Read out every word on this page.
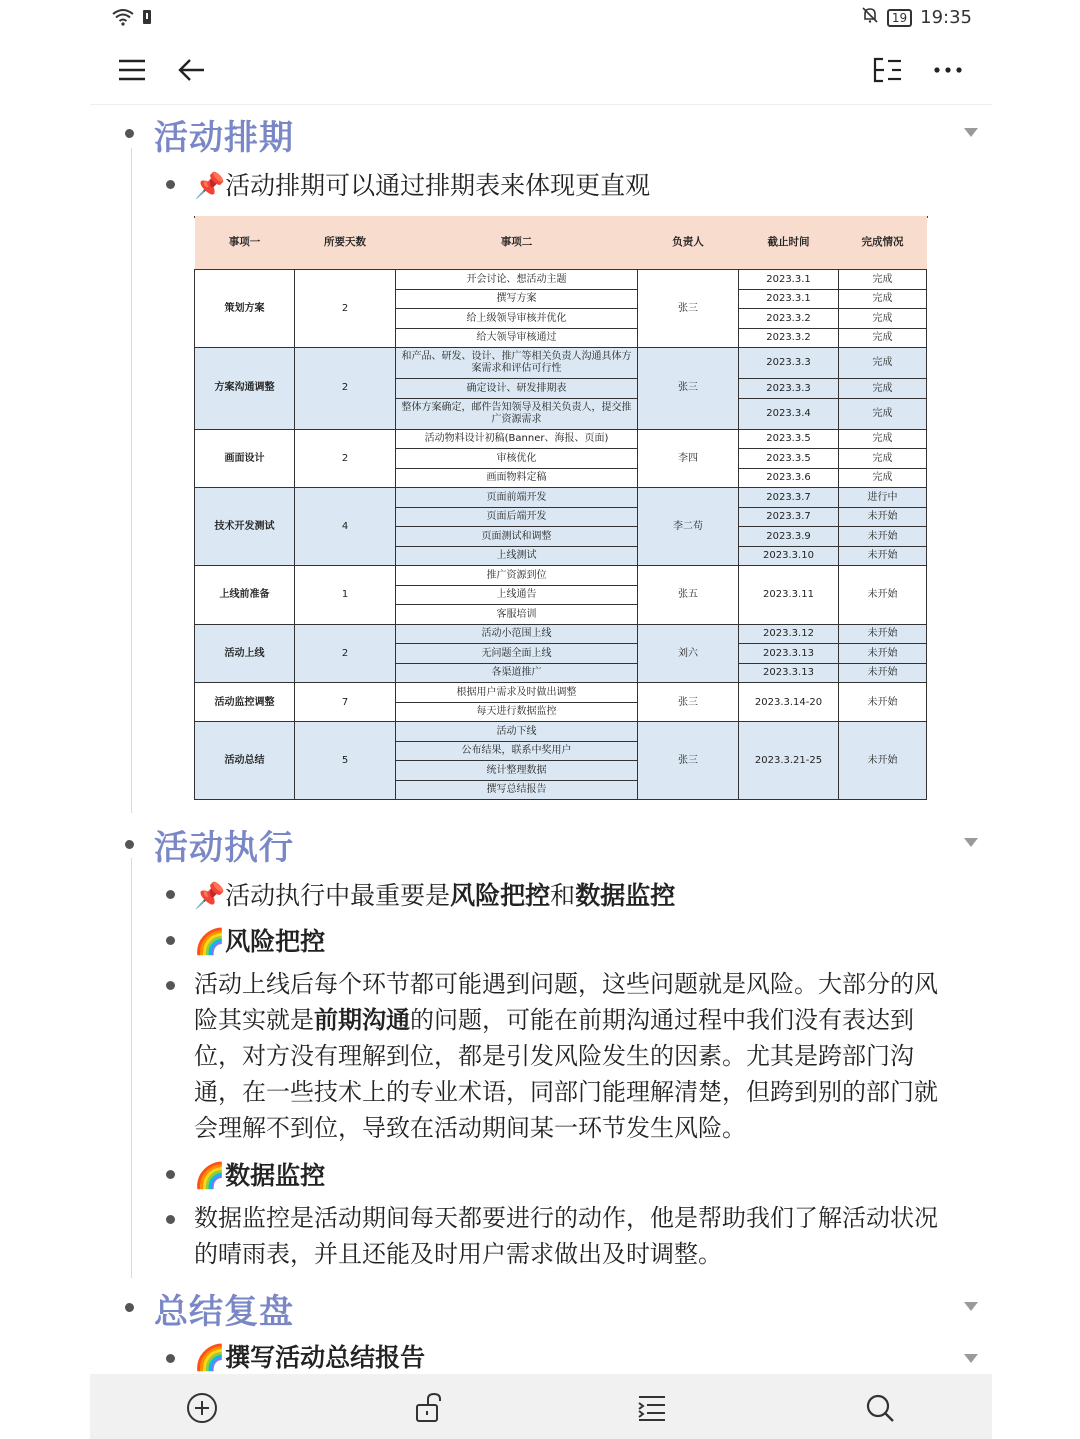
19 19:35
活动排期
📌活动排期可以通过排期表来体现更直观
事项一	所要天数	事项二	负责人	截止时间	完成情况
策划方案	2	开会讨论、想活动主题	张三	2023.3.1	完成
		撰写方案		2023.3.1	完成
		给上级领导审核并优化		2023.3.2	完成
		给大领导审核通过		2023.3.2	完成
方案沟通调整	2	和产品、研发、设计、推广等相关负责人沟通具体方案需求和评估可行性	张三	2023.3.3	完成
		确定设计、研发排期表		2023.3.3	完成
		整体方案确定，邮件告知领导及相关负责人，提交推广资源需求		2023.3.4	完成
画面设计	2	活动物料设计初稿(Banner、海报、页面)	李四	2023.3.5	完成
		审核优化		2023.3.5	完成
		画面物料定稿		2023.3.6	完成
技术开发测试	4	页面前端开发	李二苟	2023.3.7	进行中
		页面后端开发		2023.3.7	未开始
		页面测试和调整		2023.3.9	未开始
		上线测试		2023.3.10	未开始
上线前准备	1	推广资源到位	张五	2023.3.11	未开始
		上线通告			
		客服培训			
活动上线	2	活动小范围上线	刘六	2023.3.12	未开始
		无问题全面上线		2023.3.13	未开始
		各渠道推广		2023.3.13	未开始
活动监控调整	7	根据用户需求及时做出调整	张三	2023.3.14-20	未开始
		每天进行数据监控			
活动总结	5	活动下线	张三	2023.3.21-25	未开始
		公布结果，联系中奖用户			
		统计整理数据			
		撰写总结报告			
活动执行
📌活动执行中最重要是风险把控和数据监控
🌈风险把控
活动上线后每个环节都可能遇到问题，这些问题就是风险。大部分的风险其实就是前期沟通的问题，可能在前期沟通过程中我们没有表达到位，对方没有理解到位，都是引发风险发生的因素。尤其是跨部门沟通，在一些技术上的专业术语，同部门能理解清楚，但跨到别的部门就会理解不到位，导致在活动期间某一环节发生风险。
🌈数据监控
数据监控是活动期间每天都要进行的动作，他是帮助我们了解活动状况的晴雨表，并且还能及时用户需求做出及时调整。
总结复盘
🌈撰写活动总结报告
